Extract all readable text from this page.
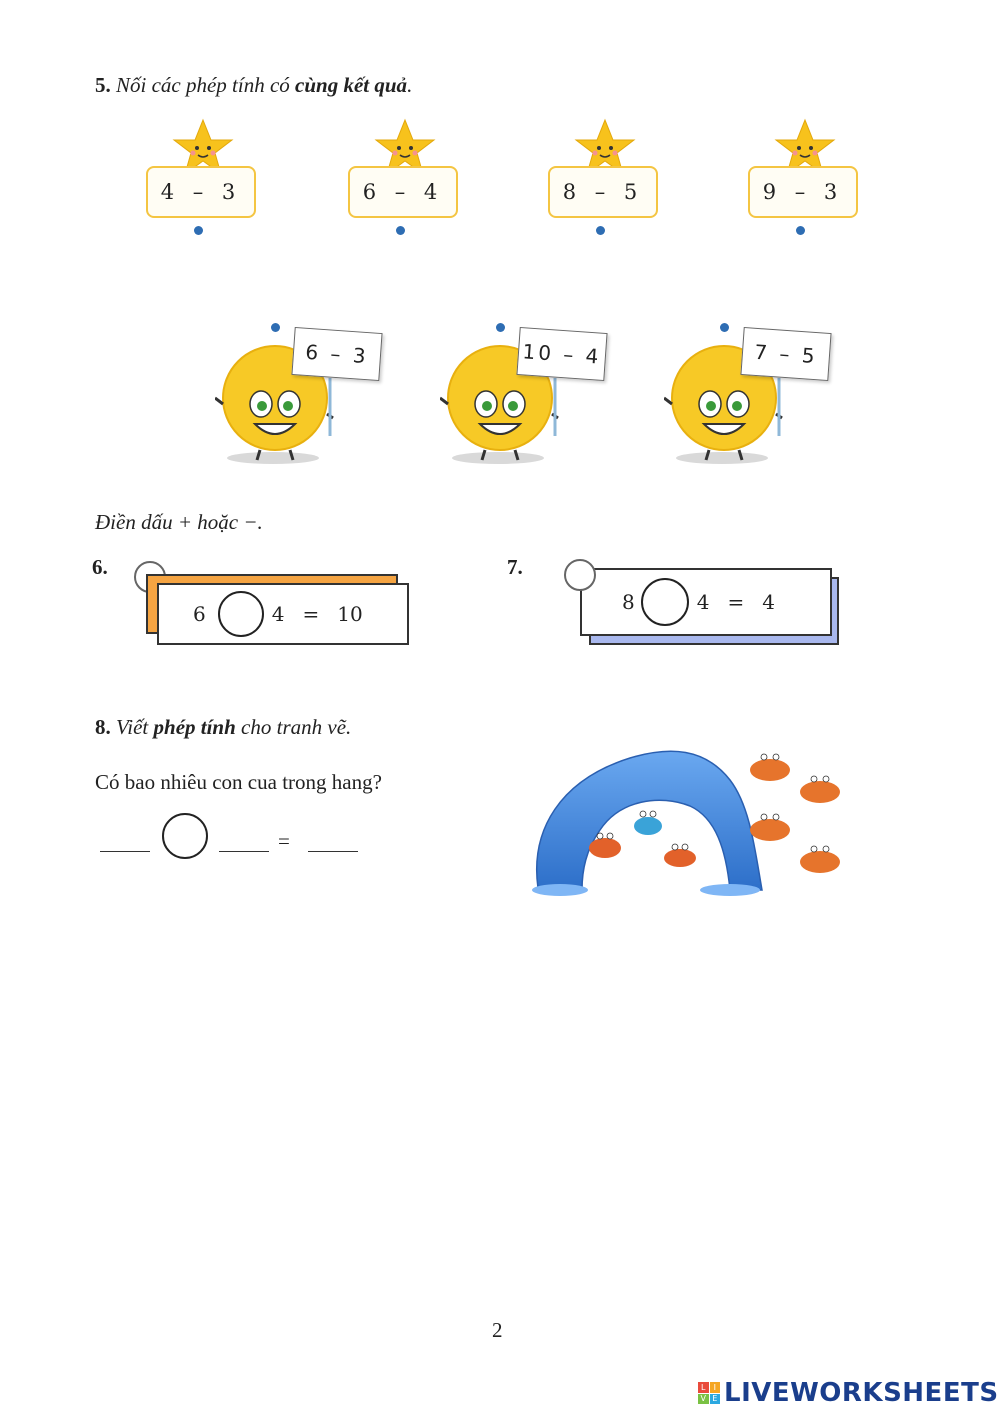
5. Nối các phép tính có cùng kết quả.
4 – 3	6 – 4	8 – 5	9 – 3
6 – 3	10 – 4	7 – 5
Điền dấu + hoặc −.
6.
6	4 = 10
7.
8	4 = 4
8. Viết phép tính cho tranh vẽ.
Có bao nhiêu con cua trong hang?
=
2
L	I
V E LIVEWORKSHEETS
